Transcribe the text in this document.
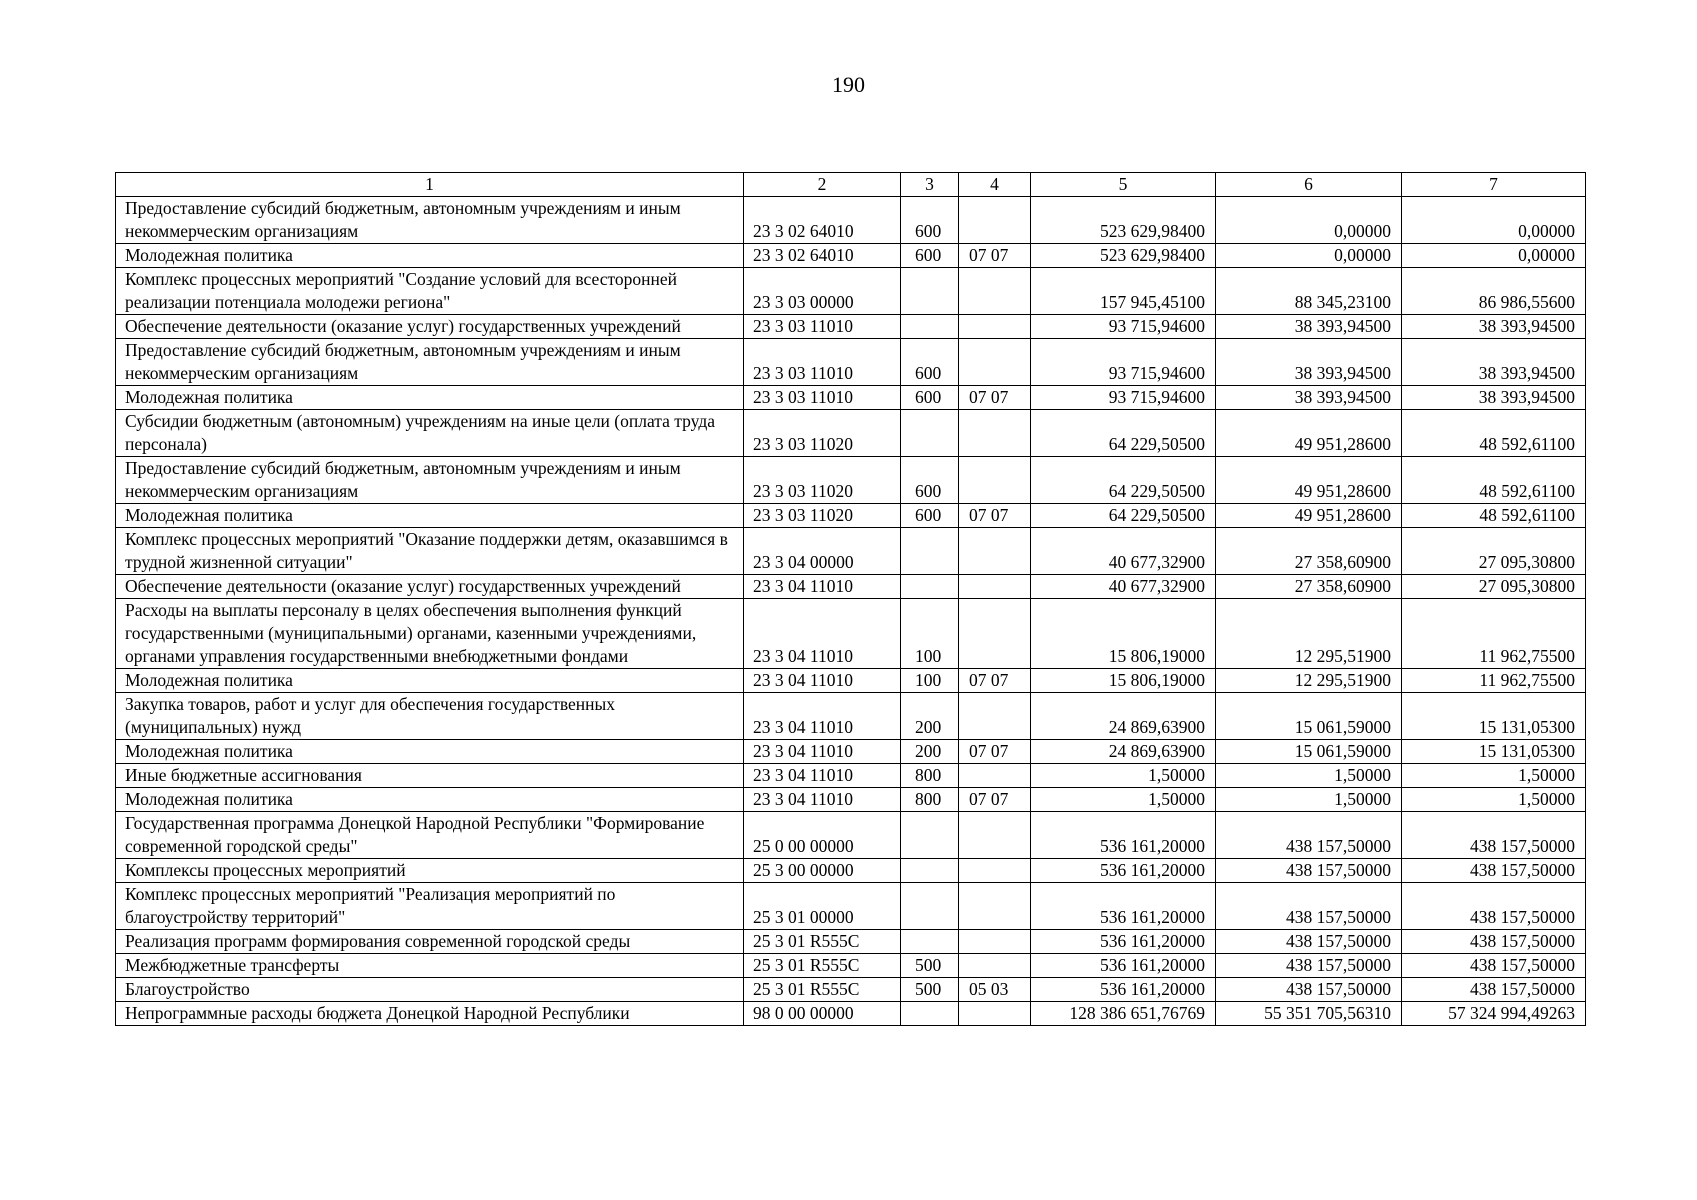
190
1	2	3	4	5	6	7
Предоставление субсидий бюджетным, автономным учреждениям и иным некоммерческим организациям	23 3 02 64010	600		523 629,98400	0,00000	0,00000
Молодежная политика	23 3 02 64010	600	07 07	523 629,98400	0,00000	0,00000
Комплекс процессных мероприятий "Создание условий для всесторонней реализации потенциала молодежи региона"	23 3 03 00000			157 945,45100	88 345,23100	86 986,55600
Обеспечение деятельности (оказание услуг) государственных учреждений	23 3 03 11010			93 715,94600	38 393,94500	38 393,94500
Предоставление субсидий бюджетным, автономным учреждениям и иным некоммерческим организациям	23 3 03 11010	600		93 715,94600	38 393,94500	38 393,94500
Молодежная политика	23 3 03 11010	600	07 07	93 715,94600	38 393,94500	38 393,94500
Субсидии бюджетным (автономным) учреждениям на иные цели (оплата труда персонала)	23 3 03 11020			64 229,50500	49 951,28600	48 592,61100
Предоставление субсидий бюджетным, автономным учреждениям и иным некоммерческим организациям	23 3 03 11020	600		64 229,50500	49 951,28600	48 592,61100
Молодежная политика	23 3 03 11020	600	07 07	64 229,50500	49 951,28600	48 592,61100
Комплекс процессных мероприятий "Оказание поддержки детям, оказавшимся в трудной жизненной ситуации"	23 3 04 00000			40 677,32900	27 358,60900	27 095,30800
Обеспечение деятельности (оказание услуг) государственных учреждений	23 3 04 11010			40 677,32900	27 358,60900	27 095,30800
Расходы на выплаты персоналу в целях обеспечения выполнения функций государственными (муниципальными) органами, казенными учреждениями, органами управления государственными внебюджетными фондами	23 3 04 11010	100		15 806,19000	12 295,51900	11 962,75500
Молодежная политика	23 3 04 11010	100	07 07	15 806,19000	12 295,51900	11 962,75500
Закупка товаров, работ и услуг для обеспечения государственных (муниципальных) нужд	23 3 04 11010	200		24 869,63900	15 061,59000	15 131,05300
Молодежная политика	23 3 04 11010	200	07 07	24 869,63900	15 061,59000	15 131,05300
Иные бюджетные ассигнования	23 3 04 11010	800		1,50000	1,50000	1,50000
Молодежная политика	23 3 04 11010	800	07 07	1,50000	1,50000	1,50000
Государственная программа Донецкой Народной Республики "Формирование современной городской среды"	25 0 00 00000			536 161,20000	438 157,50000	438 157,50000
Комплексы процессных мероприятий	25 3 00 00000			536 161,20000	438 157,50000	438 157,50000
Комплекс процессных мероприятий "Реализация мероприятий по благоустройству территорий"	25 3 01 00000			536 161,20000	438 157,50000	438 157,50000
Реализация программ формирования современной городской среды	25 3 01 R555C			536 161,20000	438 157,50000	438 157,50000
Межбюджетные трансферты	25 3 01 R555C	500		536 161,20000	438 157,50000	438 157,50000
Благоустройство	25 3 01 R555C	500	05 03	536 161,20000	438 157,50000	438 157,50000
Непрограммные расходы бюджета Донецкой Народной Республики	98 0 00 00000			128 386 651,76769	55 351 705,56310	57 324 994,49263
